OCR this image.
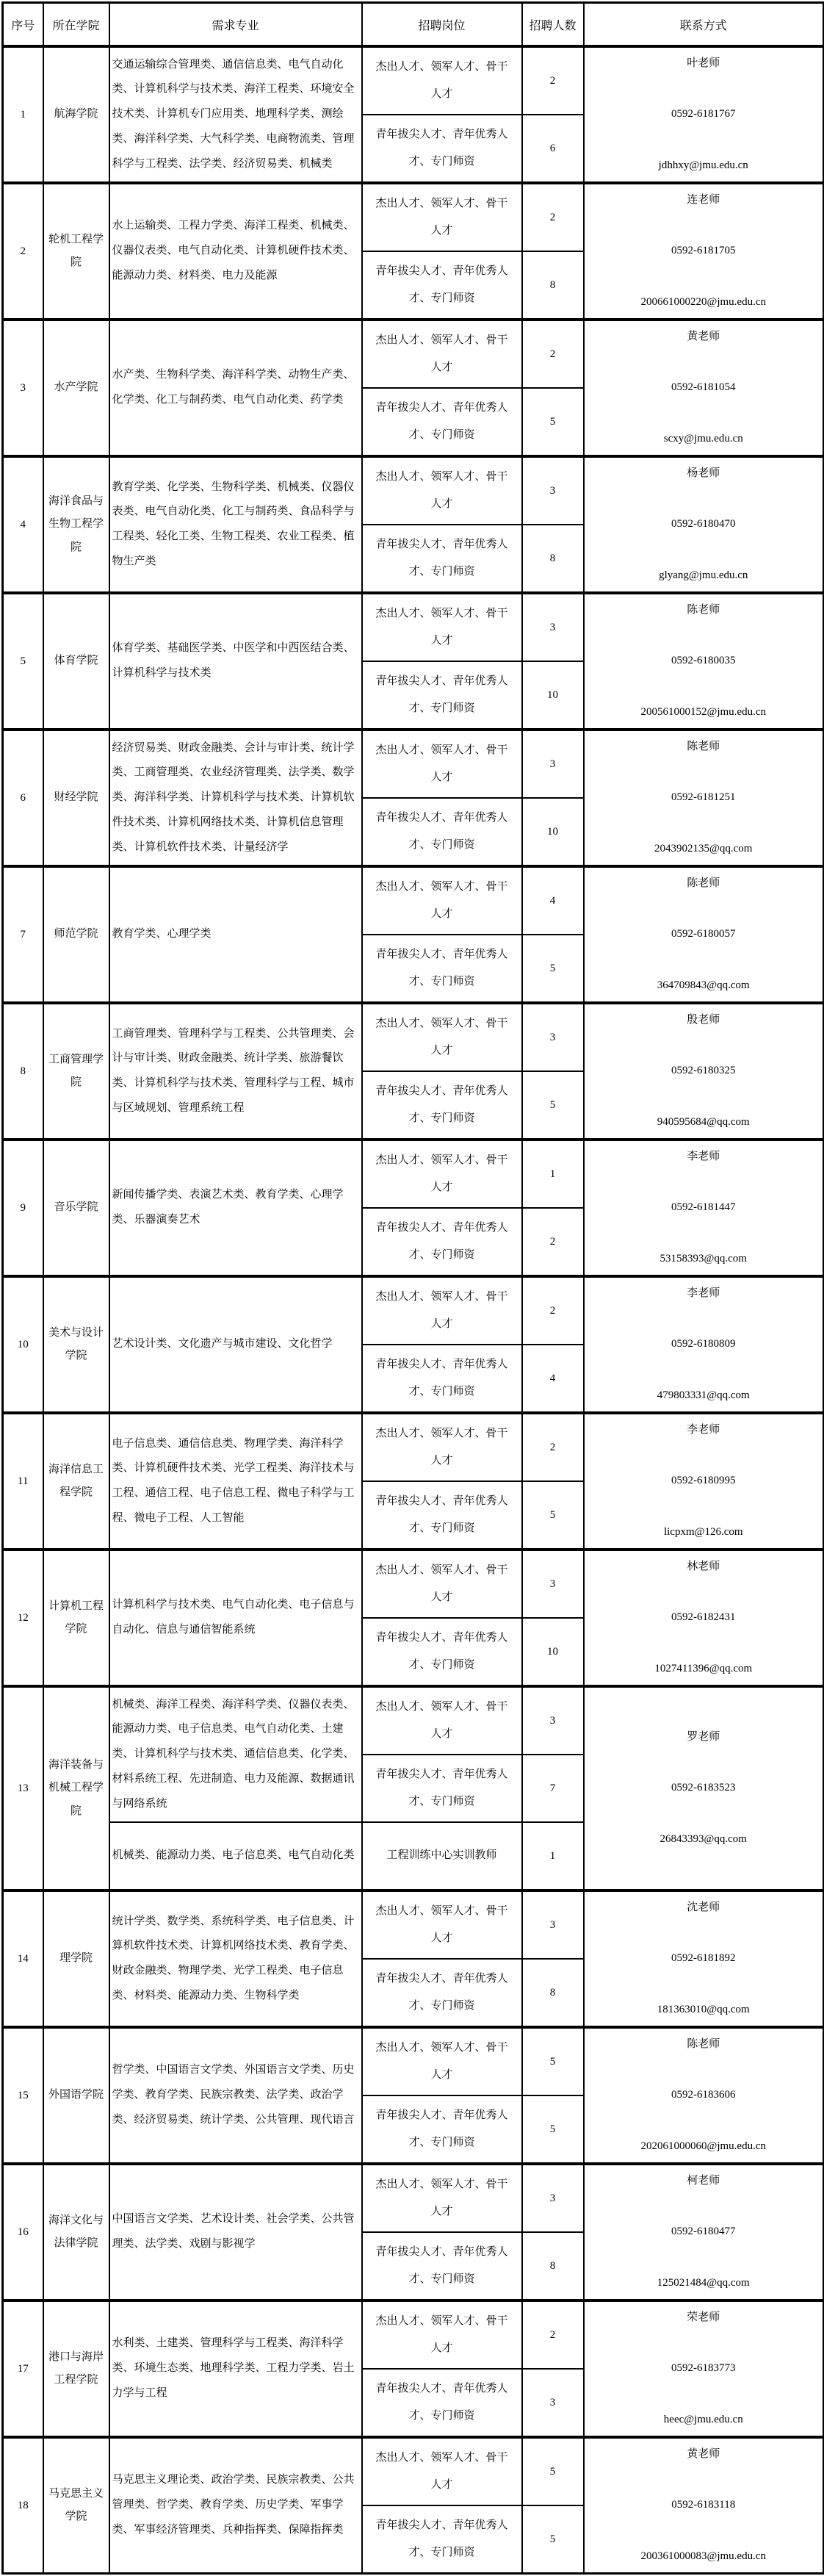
序号	所在学院	需求专业	招聘岗位	招聘人数	联系方式
1	航海学院	交通运输综合管理类、通信信息类、电气自动化类、计算机科学与技术类、海洋工程类、环境安全技术类、计算机专门应用类、地理科学类、测绘类、海洋科学类、大气科学类、电商物流类、管理科学与工程类、法学类、经济贸易类、机械类	杰出人才、领军人才、骨干人才	2	叶老师
0592-6181767
jdhhxy@jmu.edu.cn

			青年拔尖人才、青年优秀人才、专门师资	6	
2	轮机工程学院	水上运输类、工程力学类、海洋工程类、机械类、仪器仪表类、电气自动化类、计算机硬件技术类、能源动力类、材料类、电力及能源	杰出人才、领军人才、骨干人才	2	连老师
0592-6181705
200661000220@jmu.edu.cn

			青年拔尖人才、青年优秀人才、专门师资	8	
3	水产学院	水产类、生物科学类、海洋科学类、动物生产类、化学类、化工与制药类、电气自动化类、药学类	杰出人才、领军人才、骨干人才	2	黄老师
0592-6181054
scxy@jmu.edu.cn

			青年拔尖人才、青年优秀人才、专门师资	5	
4	海洋食品与生物工程学院	教育学类、化学类、生物科学类、机械类、仪器仪表类、电气自动化类、化工与制药类、食品科学与工程类、轻化工类、生物工程类、农业工程类、植物生产类	杰出人才、领军人才、骨干人才	3	杨老师
0592-6180470
glyang@jmu.edu.cn

			青年拔尖人才、青年优秀人才、专门师资	8	
5	体育学院	体育学类、基础医学类、中医学和中西医结合类、计算机科学与技术类	杰出人才、领军人才、骨干人才	3	陈老师
0592-6180035
200561000152@jmu.edu.cn

			青年拔尖人才、青年优秀人才、专门师资	10	
6	财经学院	经济贸易类、财政金融类、会计与审计类、统计学类、工商管理类、农业经济管理类、法学类、数学类、海洋科学类、计算机科学与技术类、计算机软件技术类、计算机网络技术类、计算机信息管理类、计算机软件技术类、计量经济学	杰出人才、领军人才、骨干人才	3	陈老师
0592-6181251
2043902135@qq.com

			青年拔尖人才、青年优秀人才、专门师资	10	
7	师范学院	教育学类、心理学类	杰出人才、领军人才、骨干人才	4	陈老师
0592-6180057
364709843@qq.com

			青年拔尖人才、青年优秀人才、专门师资	5	
8	工商管理学院	工商管理类、管理科学与工程类、公共管理类、会计与审计类、财政金融类、统计学类、旅游餐饮类、计算机科学与技术类、管理科学与工程、城市与区域规划、管理系统工程	杰出人才、领军人才、骨干人才	3	殷老师
0592-6180325
940595684@qq.com

			青年拔尖人才、青年优秀人才、专门师资	5	
9	音乐学院	新闻传播学类、表演艺术类、教育学类、心理学类、乐器演奏艺术	杰出人才、领军人才、骨干人才	1	李老师
0592-6181447
53158393@qq.com

			青年拔尖人才、青年优秀人才、专门师资	2	
10	美术与设计学院	艺术设计类、文化遗产与城市建设、文化哲学	杰出人才、领军人才、骨干人才	2	李老师
0592-6180809
479803331@qq.com

			青年拔尖人才、青年优秀人才、专门师资	4	
11	海洋信息工程学院	电子信息类、通信信息类、物理学类、海洋科学类、计算机硬件技术类、光学工程类、海洋技术与工程、通信工程、电子信息工程、微电子科学与工程、微电子工程、人工智能	杰出人才、领军人才、骨干人才	2	李老师
0592-6180995
licpxm@126.com

			青年拔尖人才、青年优秀人才、专门师资	5	
12	计算机工程学院	计算机科学与技术类、电气自动化类、电子信息与自动化、信息与通信智能系统	杰出人才、领军人才、骨干人才	3	林老师
0592-6182431
1027411396@qq.com

			青年拔尖人才、青年优秀人才、专门师资	10	
13	海洋装备与机械工程学院	机械类、海洋工程类、海洋科学类、仪器仪表类、能源动力类、电子信息类、电气自动化类、土建类、计算机科学与技术类、通信信息类、化学类、材料系统工程、先进制造、电力及能源、数据通讯与网络系统	杰出人才、领军人才、骨干人才	3	罗老师
0592-6183523
26843393@qq.com

			青年拔尖人才、青年优秀人才、专门师资	7	
		机械类、能源动力类、电子信息类、电气自动化类	工程训练中心实训教师	1	
14	理学院	统计学类、数学类、系统科学类、电子信息类、计算机软件技术类、计算机网络技术类、教育学类、财政金融类、物理学类、光学工程类、电子信息类、材料类、能源动力类、生物科学类	杰出人才、领军人才、骨干人才	3	沈老师
0592-6181892
181363010@qq.com

			青年拔尖人才、青年优秀人才、专门师资	8	
15	外国语学院	哲学类、中国语言文学类、外国语言文学类、历史学类、教育学类、民族宗教类、法学类、政治学类、经济贸易类、统计学类、公共管理、现代语言	杰出人才、领军人才、骨干人才	5	陈老师
0592-6183606
202061000060@jmu.edu.cn

			青年拔尖人才、青年优秀人才、专门师资	5	
16	海洋文化与法律学院	中国语言文学类、艺术设计类、社会学类、公共管理类、法学类、戏剧与影视学	杰出人才、领军人才、骨干人才	3	柯老师
0592-6180477
125021484@qq.com

			青年拔尖人才、青年优秀人才、专门师资	8	
17	港口与海岸工程学院	水利类、土建类、管理科学与工程类、海洋科学类、环境生态类、地理科学类、工程力学类、岩土力学与工程	杰出人才、领军人才、骨干人才	2	荣老师
0592-6183773
heec@jmu.edu.cn

			青年拔尖人才、青年优秀人才、专门师资	3	
18	马克思主义学院	马克思主义理论类、政治学类、民族宗教类、公共管理类、哲学类、教育学类、历史学类、军事学类、军事经济管理类、兵种指挥类、保障指挥类	杰出人才、领军人才、骨干人才	5	黄老师
0592-6183118
200361000083@jmu.edu.cn

			青年拔尖人才、青年优秀人才、专门师资	5	
